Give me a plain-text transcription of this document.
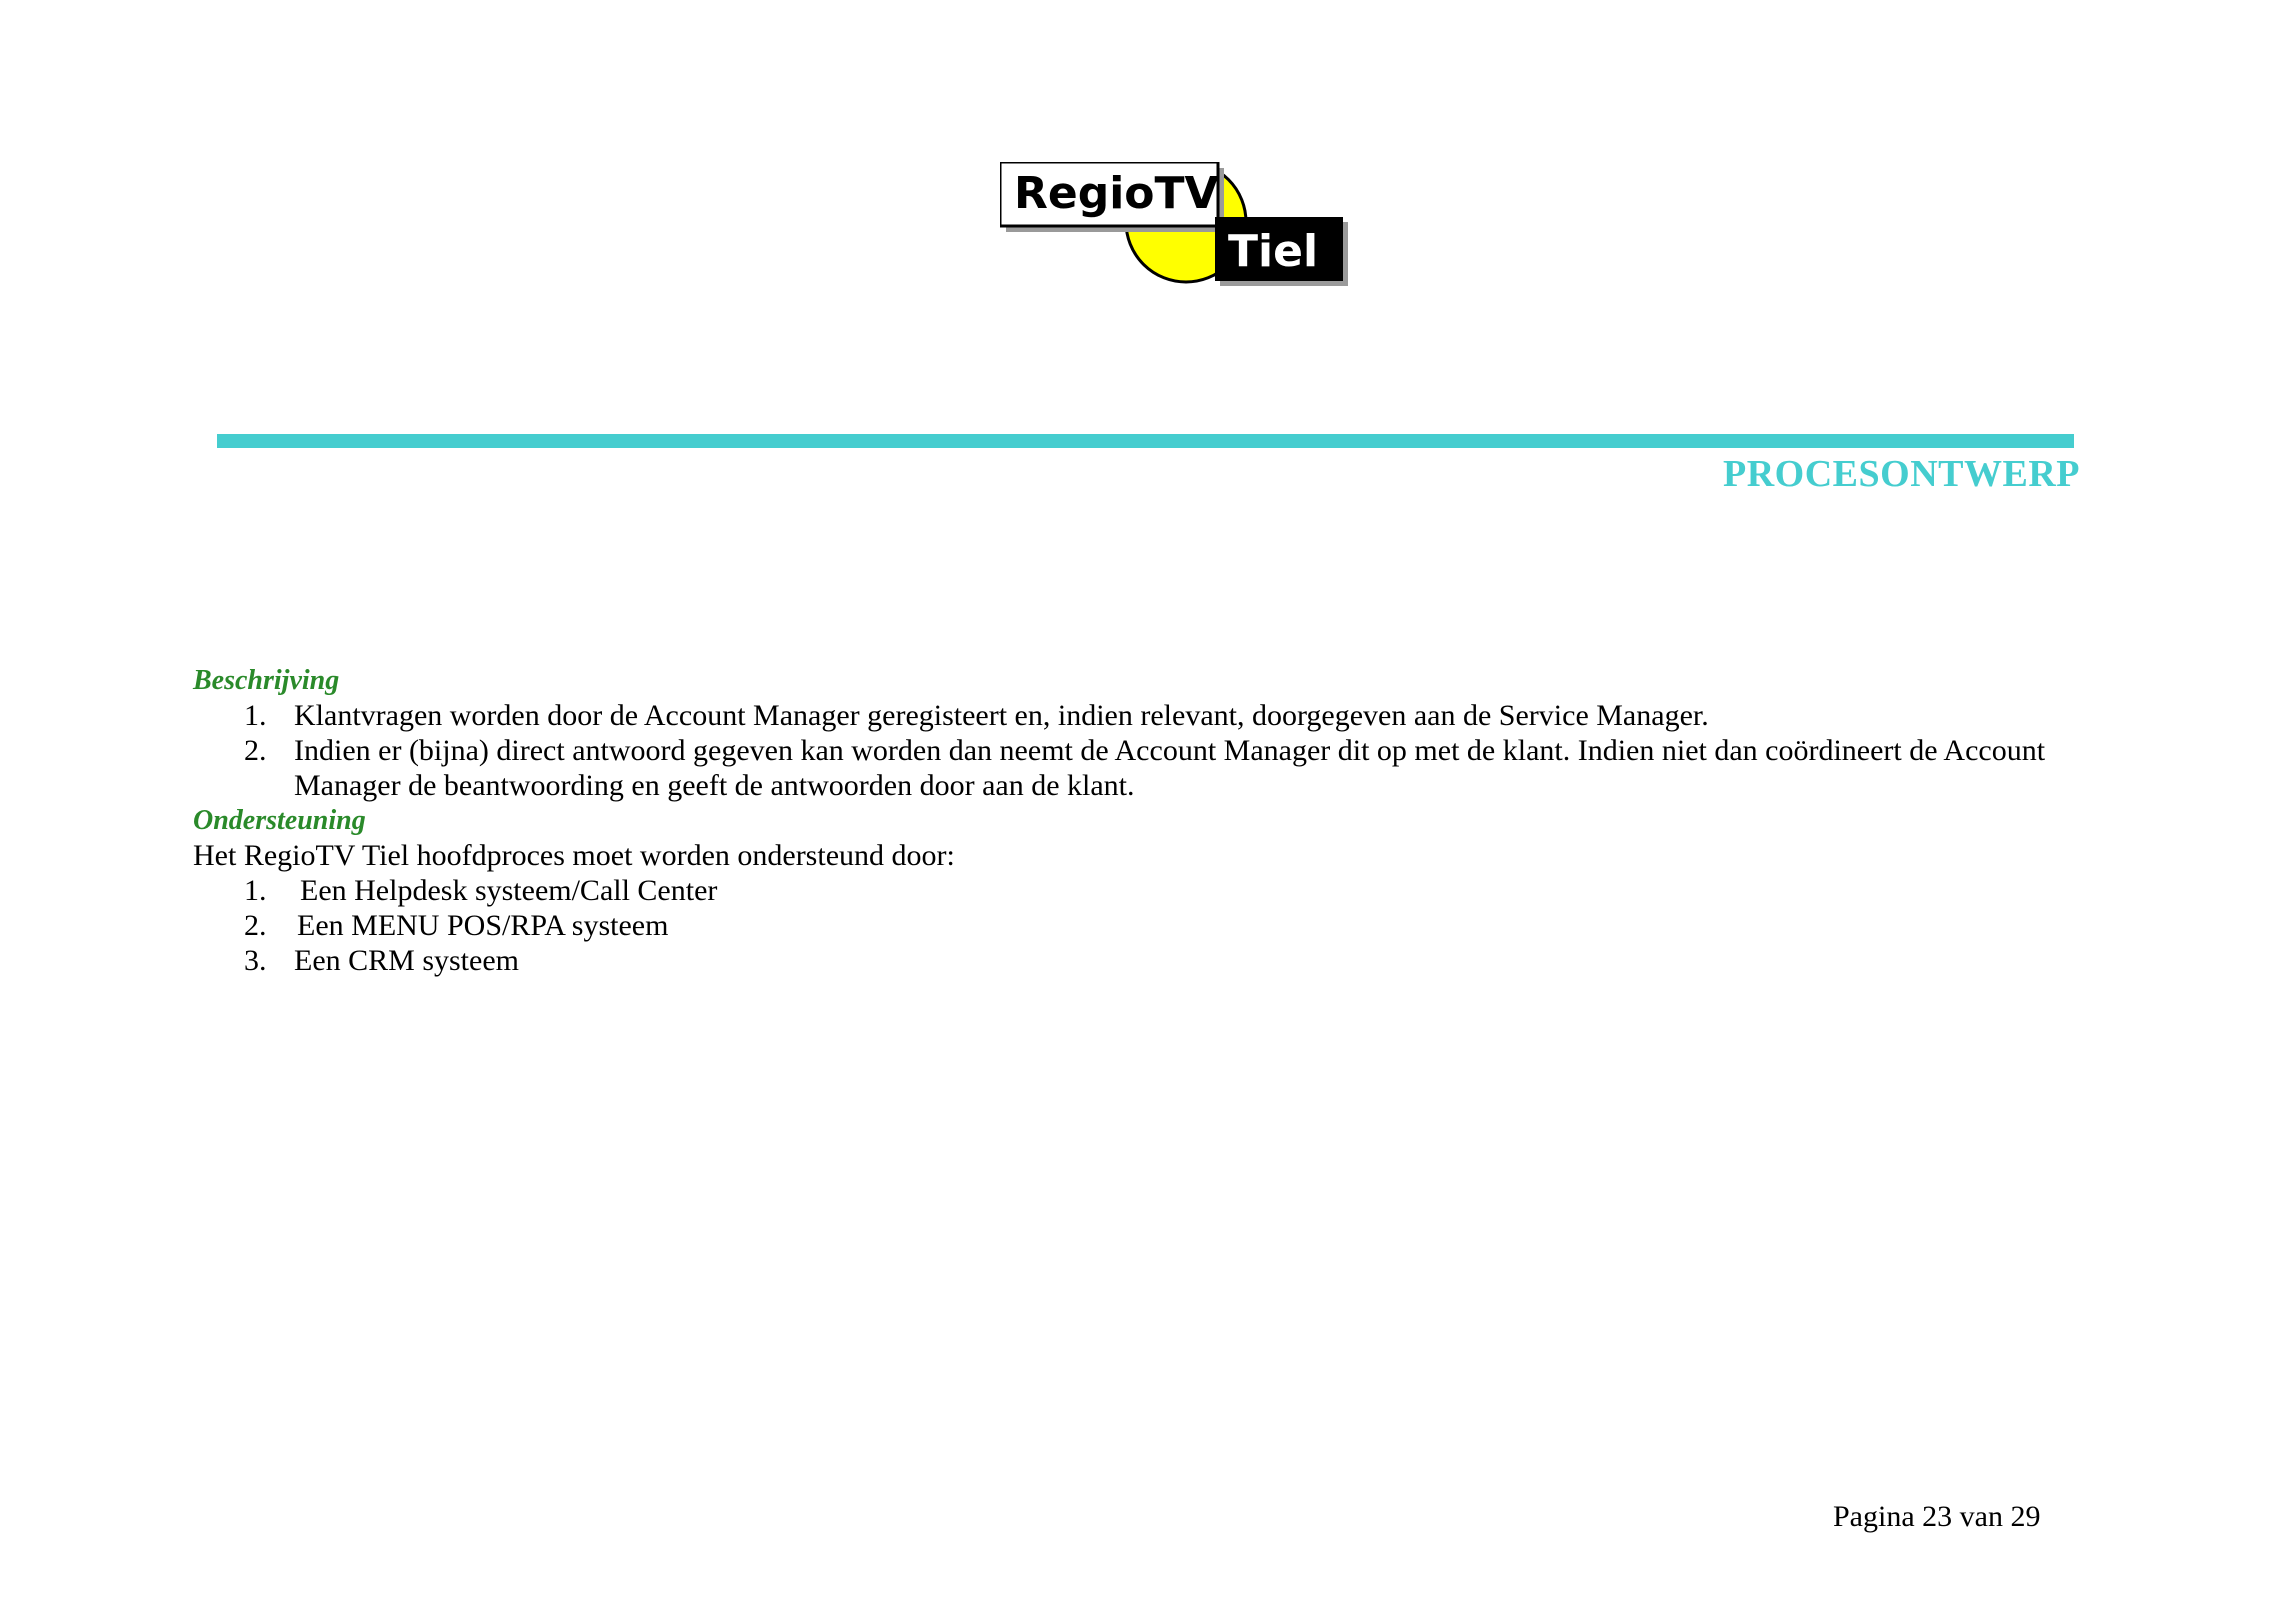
RegioTV
Tiel
PROCESONTWERP
Beschrijving
1. Klantvragen worden door de Account Manager geregisteert en, indien relevant, doorgegeven aan de Service Manager.
2. Indien er (bijna) direct antwoord gegeven kan worden dan neemt de Account Manager dit op met de klant. Indien niet dan coördineert de Account Manager de beantwoording en geeft de antwoorden door aan de klant.
Ondersteuning
Het RegioTV Tiel hoofdproces moet worden ondersteund door:
1. Een Helpdesk systeem/Call Center
2. Een MENU POS/RPA systeem
3. Een CRM systeem
Pagina 23 van 29
